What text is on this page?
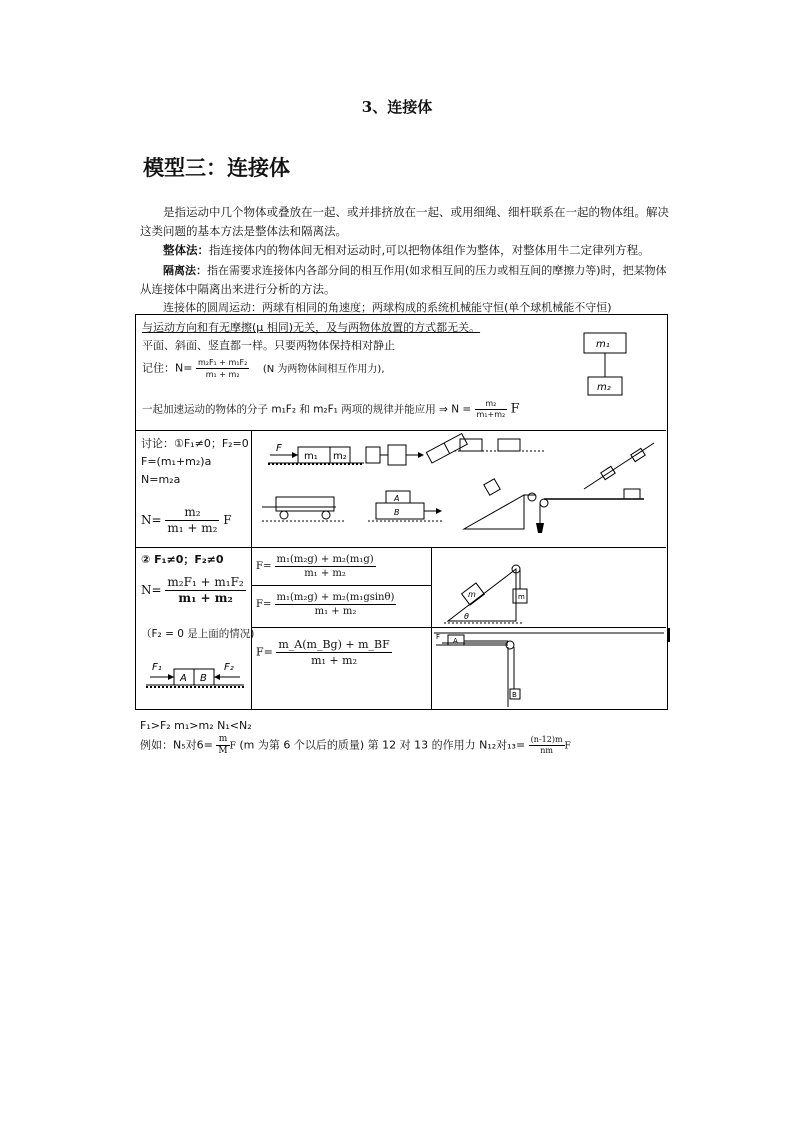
3、连接体
模型三：连接体
是指运动中几个物体或叠放在一起、或并排挤放在一起、或用细绳、细杆联系在一起的物体组。解决
这类问题的基本方法是整体法和隔离法。
整体法：指连接体内的物体间无相对运动时,可以把物体组作为整体，对整体用牛二定律列方程。
隔离法：指在需要求连接体内各部分间的相互作用(如求相互间的压力或相互间的摩擦力等)时，把某物体
从连接体中隔离出来进行分析的方法。
连接体的圆周运动：两球有相同的角速度；两球构成的系统机械能守恒(单个球机械能不守恒)
与运动方向和有无摩擦(μ 相同)无关，及与两物体放置的方式都无关。
平面、斜面、竖直都一样。只要两物体保持相对静止
记住：$N= \frac{\text{m₂F₁ + m₁F₂}}{\text{m₁ + m₂}} (N$ 为两物体间相互作用力),
一起加速运动的物体的分子 m₁F₂ 和 m₂F₁ 两项的规律并能应用 ⇒ $N = \frac{\text{m₂}}{\text{m₁+m₂}}$ F
m₁
m₂
讨论：①F₁≠0；F₂=0
F=(m₁+m₂)a
N=m₂a
$N= \frac{\text{m₂}}{\text{m₁ + m₂}}$ F
m₁ m₂
F
A
B
② F₁≠0；F₂≠0
$N= \frac{\text{m₂F₁ + m₁F₂}}{\text{m₁ + m₂}}$
（F₂ = 0 是上面的情况)
A B
F₁	F₂
$F= \frac{\text{m₁(m₂g) + m₂(m₁g)}}{\text{m₁ + m₂}}$
$F= \frac{\text{m₁(m₂g) + m₂(m₁gsinθ)}}{\text{m₁ + m₂}}$
$F= \frac{m\_A(m\_Bg) + m\_BF}{\text{m₁ + m₂}}$
m	m
θ
A
F
B
F₁>F₂ m₁>m₂ N₁<N₂
例如：N₅对$6= \frac{m}{M}$ F (m 为第 6 个以后的质量) 第 12 对 13 的作用力 N₁₂对$_{13}= \frac{(n-12)m}{nm}$ F
